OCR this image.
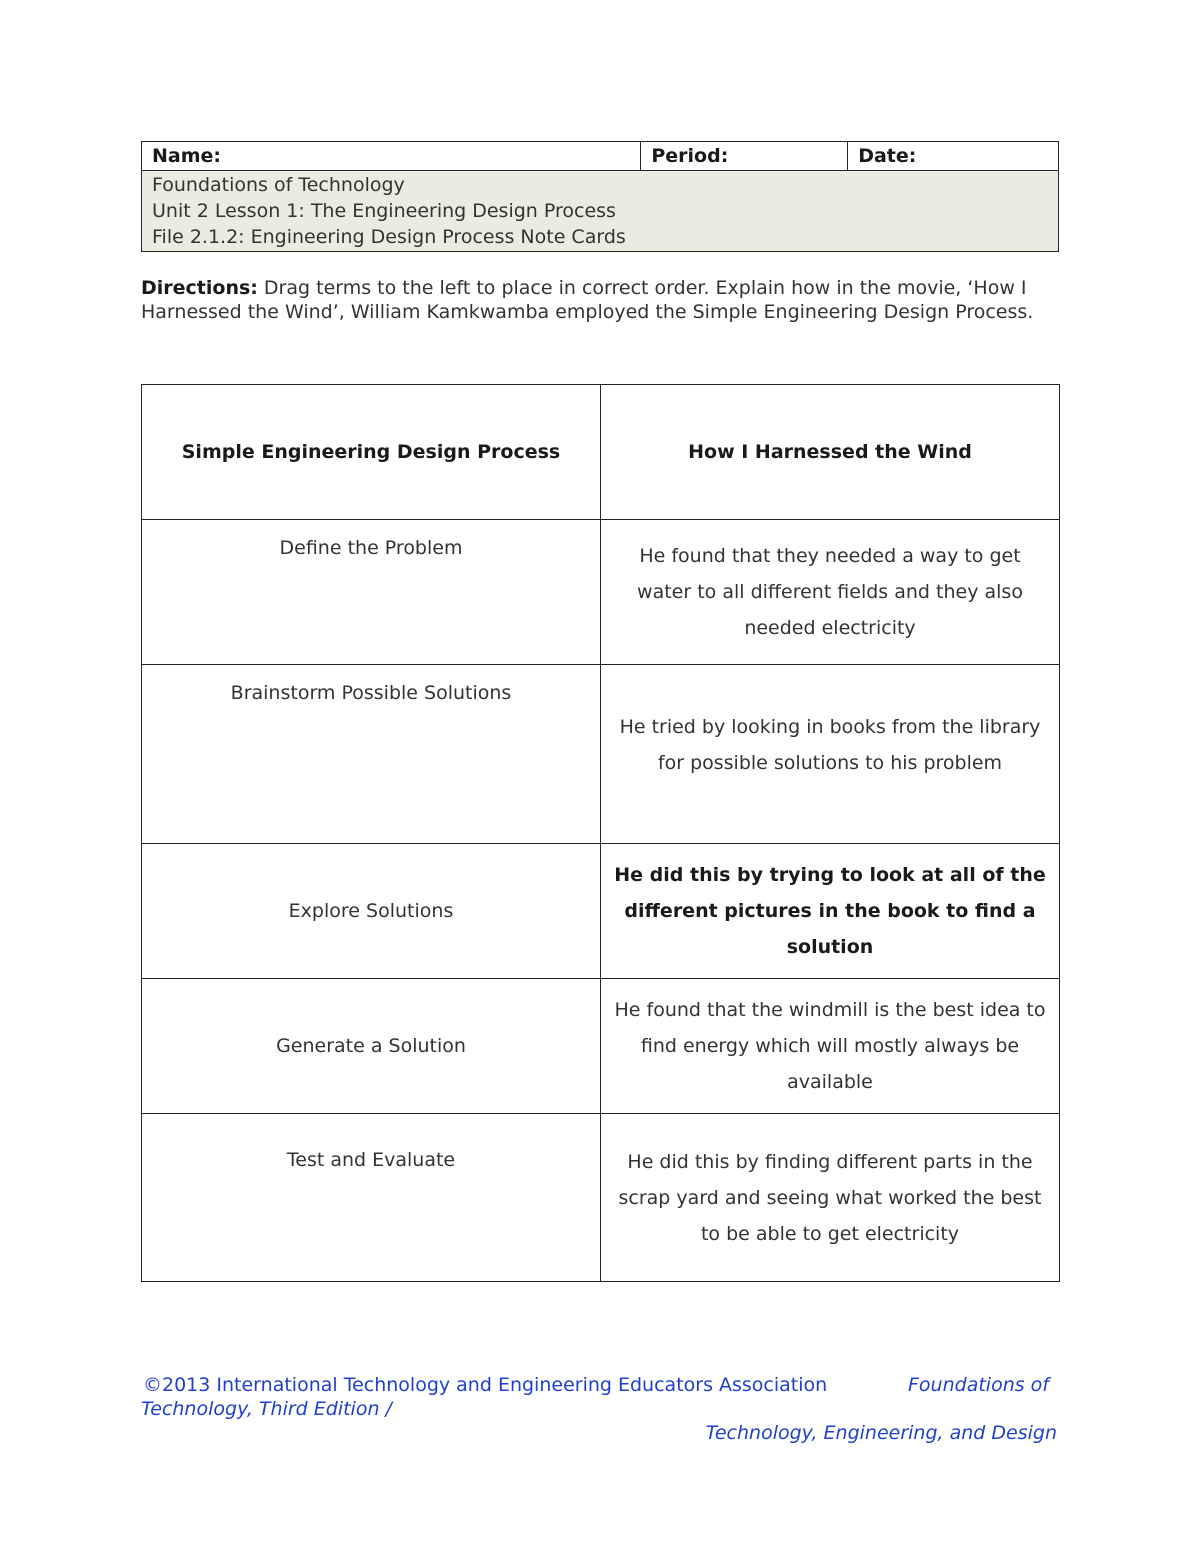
Name:	Period:	Date:

Foundations of Technology
Unit 2 Lesson 1: The Engineering Design Process
File 2.1.2: Engineering Design Process Note Cards
Directions: Drag terms to the left to place in correct order. Explain how in the movie, ‘How I Harnessed the Wind’, William Kamkwamba employed the Simple Engineering Design Process.
Simple Engineering Design Process	How I Harnessed the Wind
Define the Problem	He found that they needed a way to get water to all different fields and they also needed electricity
Brainstorm Possible Solutions	He tried by looking in books from the library for possible solutions to his problem
Explore Solutions	He did this by trying to look at all of the different pictures in the book to find a solution
Generate a Solution	He found that the windmill is the best idea to find energy which will mostly always be available
Test and Evaluate	He did this by finding different parts in the scrap yard and seeing what worked the best to be able to get electricity
©2013 International Technology and Engineering Educators Association	Foundations of
Technology, Third Edition /
Technology, Engineering, and Design
